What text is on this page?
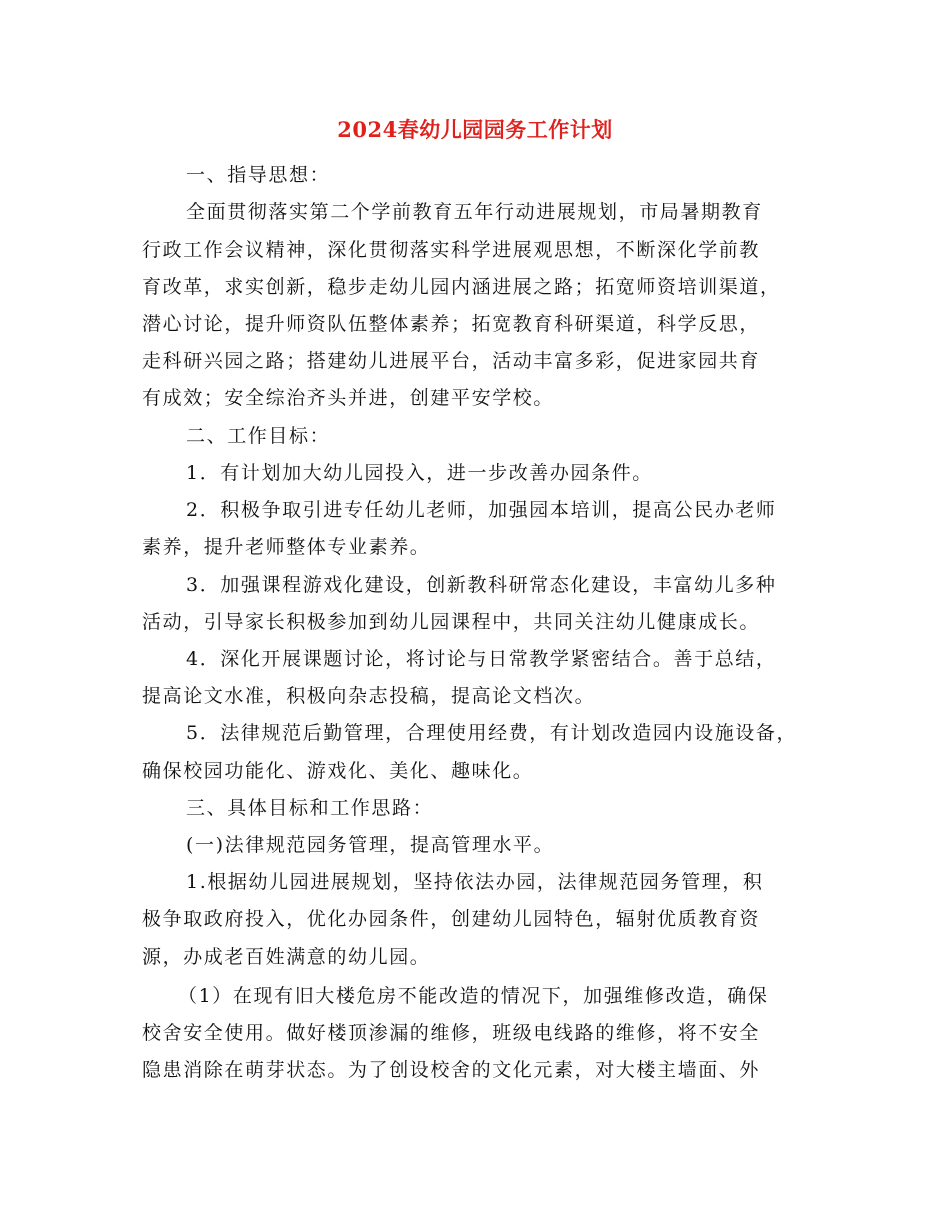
2024春幼儿园园务工作计划
一、指导思想：
全面贯彻落实第二个学前教育五年行动进展规划，市局暑期教育
行政工作会议精神，深化贯彻落实科学进展观思想，不断深化学前教
育改革，求实创新，稳步走幼儿园内涵进展之路；拓宽师资培训渠道，
潜心讨论，提升师资队伍整体素养；拓宽教育科研渠道，科学反思，
走科研兴园之路；搭建幼儿进展平台，活动丰富多彩，促进家园共育
有成效；安全综治齐头并进，创建平安学校。
二、工作目标：
1．有计划加大幼儿园投入，进一步改善办园条件。
2．积极争取引进专任幼儿老师，加强园本培训，提高公民办老师
素养，提升老师整体专业素养。
3．加强课程游戏化建设，创新教科研常态化建设，丰富幼儿多种
活动，引导家长积极参加到幼儿园课程中，共同关注幼儿健康成长。
4．深化开展课题讨论，将讨论与日常教学紧密结合。善于总结，
提高论文水准，积极向杂志投稿，提高论文档次。
5．法律规范后勤管理，合理使用经费，有计划改造园内设施设备，
确保校园功能化、游戏化、美化、趣味化。
三、具体目标和工作思路：
(一)法律规范园务管理，提高管理水平。
1.根据幼儿园进展规划，坚持依法办园，法律规范园务管理，积
极争取政府投入，优化办园条件，创建幼儿园特色，辐射优质教育资
源，办成老百姓满意的幼儿园。
（1）在现有旧大楼危房不能改造的情况下，加强维修改造，确保
校舍安全使用。做好楼顶渗漏的维修，班级电线路的维修，将不安全
隐患消除在萌芽状态。为了创设校舍的文化元素，对大楼主墙面、外
